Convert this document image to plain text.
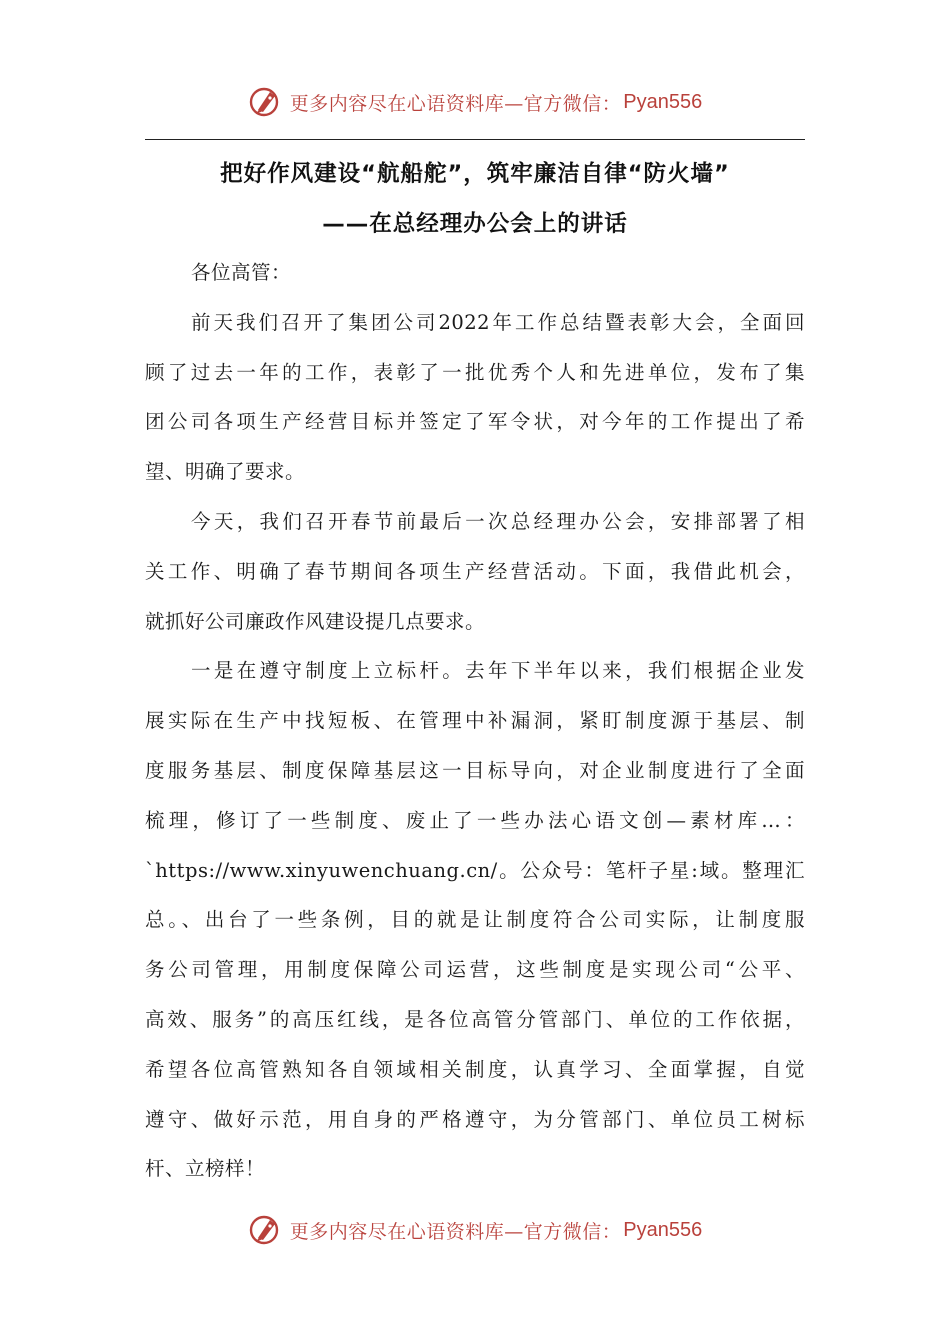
更多内容尽在心语资料库—官方微信： Pyan556
把好作风建设“航船舵”，筑牢廉洁自律“防火墙”
——在总经理办公会上的讲话
各位高管：
前天我们召开了集团公司2022年工作总结暨表彰大会，全面回
顾了过去一年的工作，表彰了一批优秀个人和先进单位，发布了集
团公司各项生产经营目标并签定了军令状，对今年的工作提出了希
望、明确了要求。
今天，我们召开春节前最后一次总经理办公会，安排部署了相
关工作、明确了春节期间各项生产经营活动。下面，我借此机会，
就抓好公司廉政作风建设提几点要求。
一是在遵守制度上立标杆。去年下半年以来，我们根据企业发
展实际在生产中找短板、在管理中补漏洞，紧盯制度源于基层、制
度服务基层、制度保障基层这一目标导向，对企业制度进行了全面
梳理，修订了一些制度、废止了一些办法心语文创—素材库…：
`https://www.xinyuwenchuang.cn/。公众号：笔杆子星:域。整理汇
总。、出台了一些条例，目的就是让制度符合公司实际，让制度服
务公司管理，用制度保障公司运营，这些制度是实现公司“公平、
高效、服务”的高压红线，是各位高管分管部门、单位的工作依据，
希望各位高管熟知各自领域相关制度，认真学习、全面掌握，自觉
遵守、做好示范，用自身的严格遵守，为分管部门、单位员工树标
杆、立榜样！
更多内容尽在心语资料库—官方微信： Pyan556
